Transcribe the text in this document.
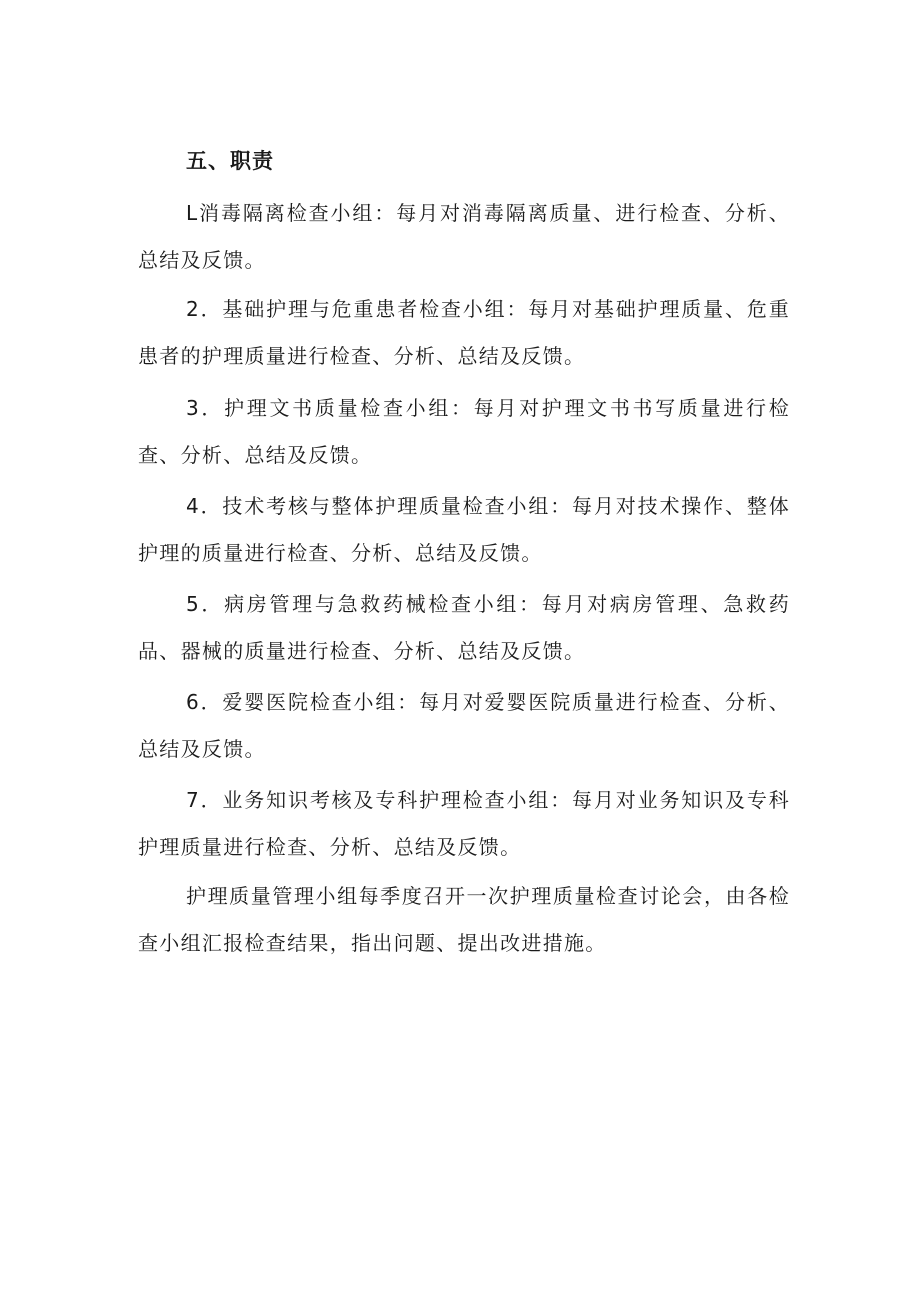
五、职责

L消毒隔离检查小组：每月对消毒隔离质量、进行检查、分析、总结及反馈。

2．基础护理与危重患者检查小组：每月对基础护理质量、危重患者的护理质量进行检查、分析、总结及反馈。

3．护理文书质量检查小组：每月对护理文书书写质量进行检查、分析、总结及反馈。

4．技术考核与整体护理质量检查小组：每月对技术操作、整体护理的质量进行检查、分析、总结及反馈。

5．病房管理与急救药械检查小组：每月对病房管理、急救药品、器械的质量进行检查、分析、总结及反馈。

6．爱婴医院检查小组：每月对爱婴医院质量进行检查、分析、总结及反馈。

7．业务知识考核及专科护理检查小组：每月对业务知识及专科护理质量进行检查、分析、总结及反馈。

护理质量管理小组每季度召开一次护理质量检查讨论会，由各检查小组汇报检查结果，指出问题、提出改进措施。
